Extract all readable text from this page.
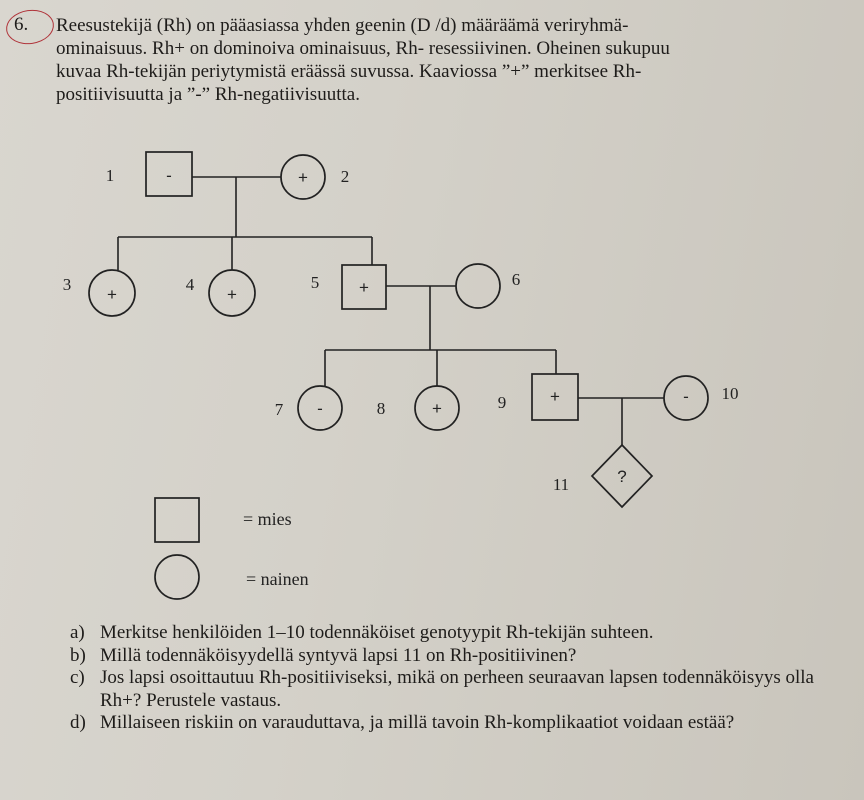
6. Reesustekijä (Rh) on pääasiassa yhden geenin (D /d) määräämä veriryhmä-
ominaisuus. Rh+ on dominoiva ominaisuus, Rh- resessiivinen. Oheinen sukupuu
kuvaa Rh-tekijän periytymistä eräässä suvussa. Kaaviossa ”+” merkitsee Rh-
positiivisuutta ja ”-” Rh-negatiivisuutta.
-	+
+	+	+
-	+
+	-
?
1	2
3	4	5	6
7	8	9	10
11
= mies
= nainen
a) Merkitse henkilöiden 1–10 todennäköiset genotyypit Rh-tekijän suhteen.
b) Millä todennäköisyydellä syntyvä lapsi 11 on Rh-positiivinen?
c) Jos lapsi osoittautuu Rh-positiiviseksi, mikä on perheen seuraavan lapsen todennäköisyys olla Rh+? Perustele vastaus.
d) Millaiseen riskiin on varauduttava, ja millä tavoin Rh-komplikaatiot voidaan estää?
